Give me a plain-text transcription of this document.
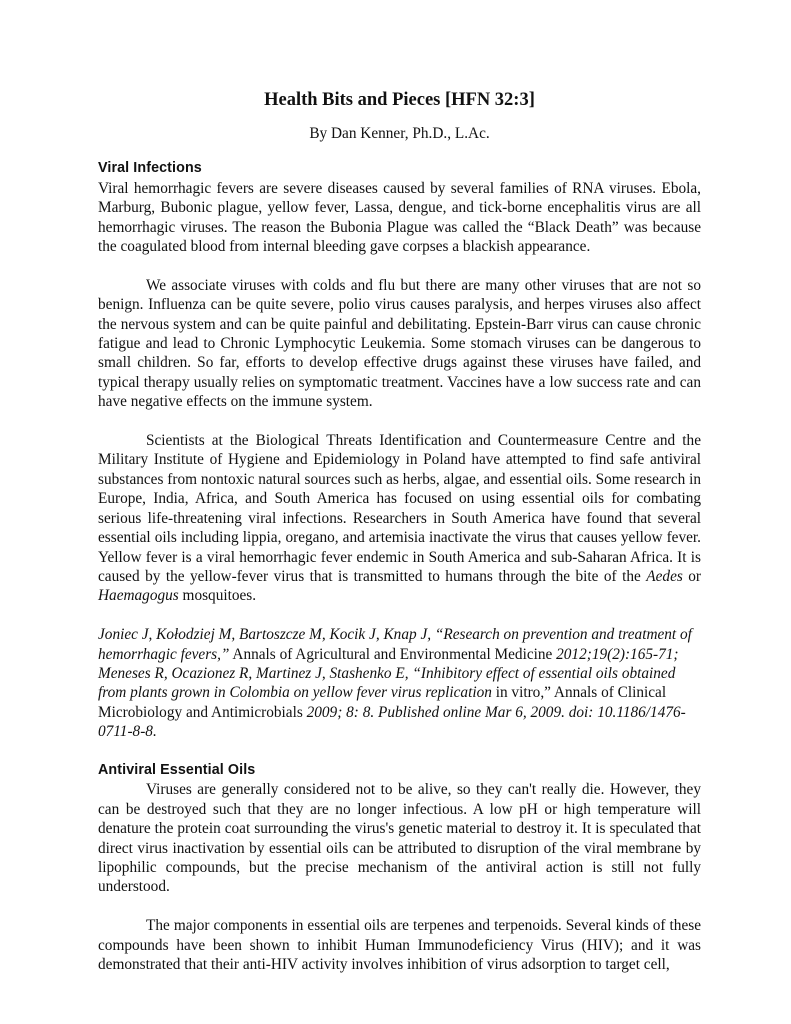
Health Bits and Pieces [HFN 32:3]

By Dan Kenner, Ph.D., L.Ac.

Viral Infections

Viral hemorrhagic fevers are severe diseases caused by several families of RNA viruses. Ebola, Marburg, Bubonic plague, yellow fever, Lassa, dengue, and tick-borne encephalitis virus are all hemorrhagic viruses. The reason the Bubonia Plague was called the “Black Death” was because the coagulated blood from internal bleeding gave corpses a blackish appearance.

We associate viruses with colds and flu but there are many other viruses that are not so benign. Influenza can be quite severe, polio virus causes paralysis, and herpes viruses also affect the nervous system and can be quite painful and debilitating. Epstein-Barr virus can cause chronic fatigue and lead to Chronic Lymphocytic Leukemia. Some stomach viruses can be dangerous to small children. So far, efforts to develop effective drugs against these viruses have failed, and typical therapy usually relies on symptomatic treatment. Vaccines have a low success rate and can have negative effects on the immune system.

Scientists at the Biological Threats Identification and Countermeasure Centre and the Military Institute of Hygiene and Epidemiology in Poland have attempted to find safe antiviral substances from nontoxic natural sources such as herbs, algae, and essential oils. Some research in Europe, India, Africa, and South America has focused on using essential oils for combating serious life-threatening viral infections. Researchers in South America have found that several essential oils including lippia, oregano, and artemisia inactivate the virus that causes yellow fever. Yellow fever is a viral hemorrhagic fever endemic in South America and sub-Saharan Africa. It is caused by the yellow-fever virus that is transmitted to humans through the bite of the Aedes or Haemagogus mosquitoes.

Joniec J, Kołodziej M, Bartoszcze M, Kocik J, Knap J, “Research on prevention and treatment of hemorrhagic fevers,” Annals of Agricultural and Environmental Medicine 2012;19(2):165-71; Meneses R, Ocazionez R, Martinez J, Stashenko E, “Inhibitory effect of essential oils obtained from plants grown in Colombia on yellow fever virus replication in vitro,” Annals of Clinical Microbiology and Antimicrobials 2009; 8: 8. Published online Mar 6, 2009. doi: 10.1186/1476-0711-8-8.

Antiviral Essential Oils

Viruses are generally considered not to be alive, so they can't really die. However, they can be destroyed such that they are no longer infectious. A low pH or high temperature will denature the protein coat surrounding the virus's genetic material to destroy it. It is speculated that direct virus inactivation by essential oils can be attributed to disruption of the viral membrane by lipophilic compounds, but the precise mechanism of the antiviral action is still not fully understood.

The major components in essential oils are terpenes and terpenoids. Several kinds of these compounds have been shown to inhibit Human Immunodeficiency Virus (HIV); and it was demonstrated that their anti-HIV activity involves inhibition of virus adsorption to target cell,
